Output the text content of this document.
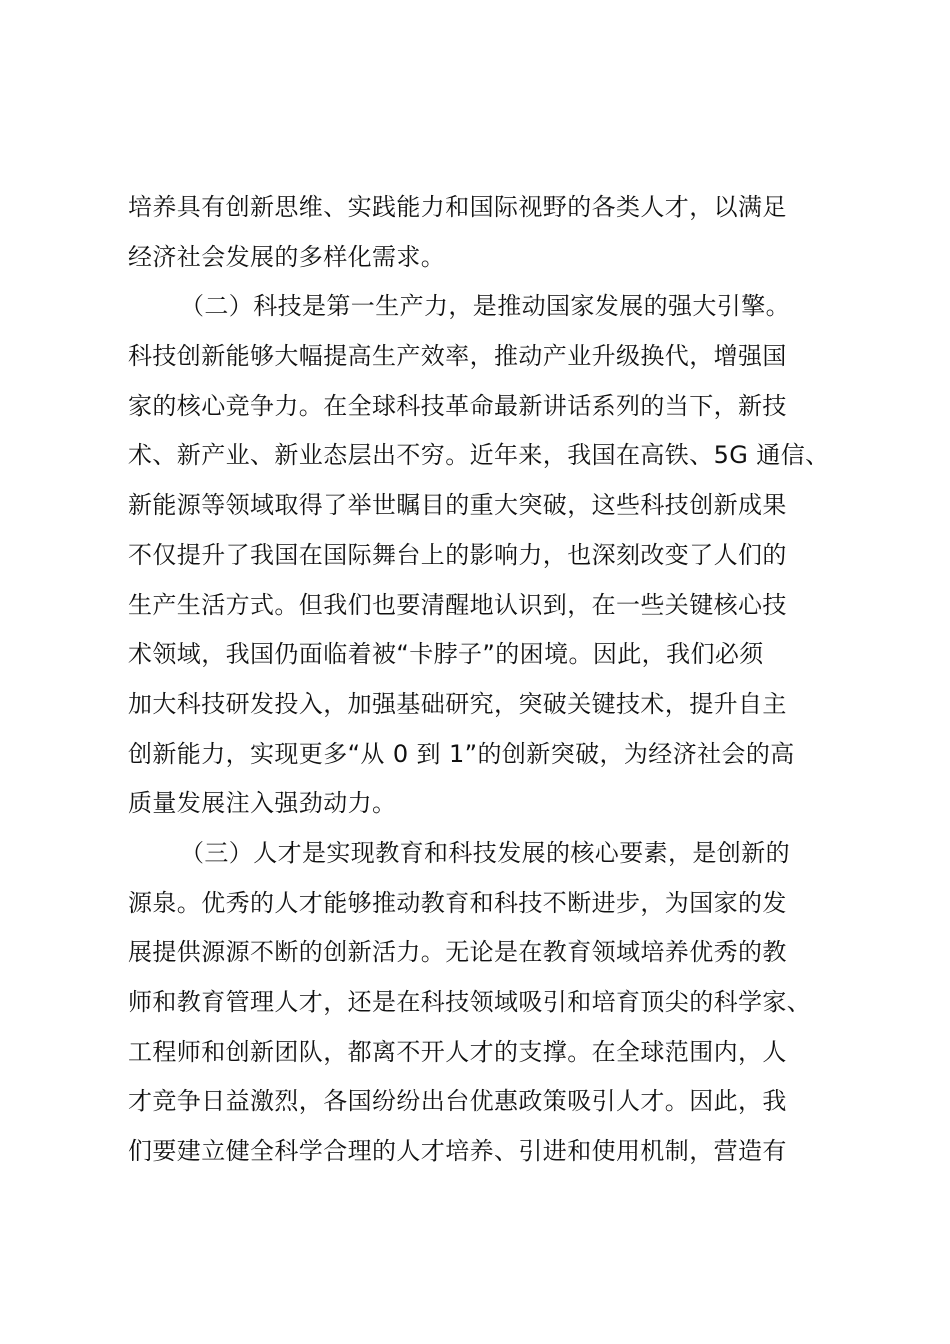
培养具有创新思维、实践能力和国际视野的各类人才，以满足
经济社会发展的多样化需求。
（二）科技是第一生产力，是推动国家发展的强大引擎。
科技创新能够大幅提高生产效率，推动产业升级换代，增强国
家的核心竞争力。在全球科技革命最新讲话系列的当下，新技
术、新产业、新业态层出不穷。近年来，我国在高铁、5G 通信、
新能源等领域取得了举世瞩目的重大突破，这些科技创新成果
不仅提升了我国在国际舞台上的影响力，也深刻改变了人们的
生产生活方式。但我们也要清醒地认识到，在一些关键核心技
术领域，我国仍面临着被“卡脖子”的困境。因此，我们必须
加大科技研发投入，加强基础研究，突破关键技术，提升自主
创新能力，实现更多“从 0 到 1”的创新突破，为经济社会的高
质量发展注入强劲动力。
（三）人才是实现教育和科技发展的核心要素，是创新的
源泉。优秀的人才能够推动教育和科技不断进步，为国家的发
展提供源源不断的创新活力。无论是在教育领域培养优秀的教
师和教育管理人才，还是在科技领域吸引和培育顶尖的科学家、
工程师和创新团队，都离不开人才的支撑。在全球范围内，人
才竞争日益激烈，各国纷纷出台优惠政策吸引人才。因此，我
们要建立健全科学合理的人才培养、引进和使用机制，营造有
